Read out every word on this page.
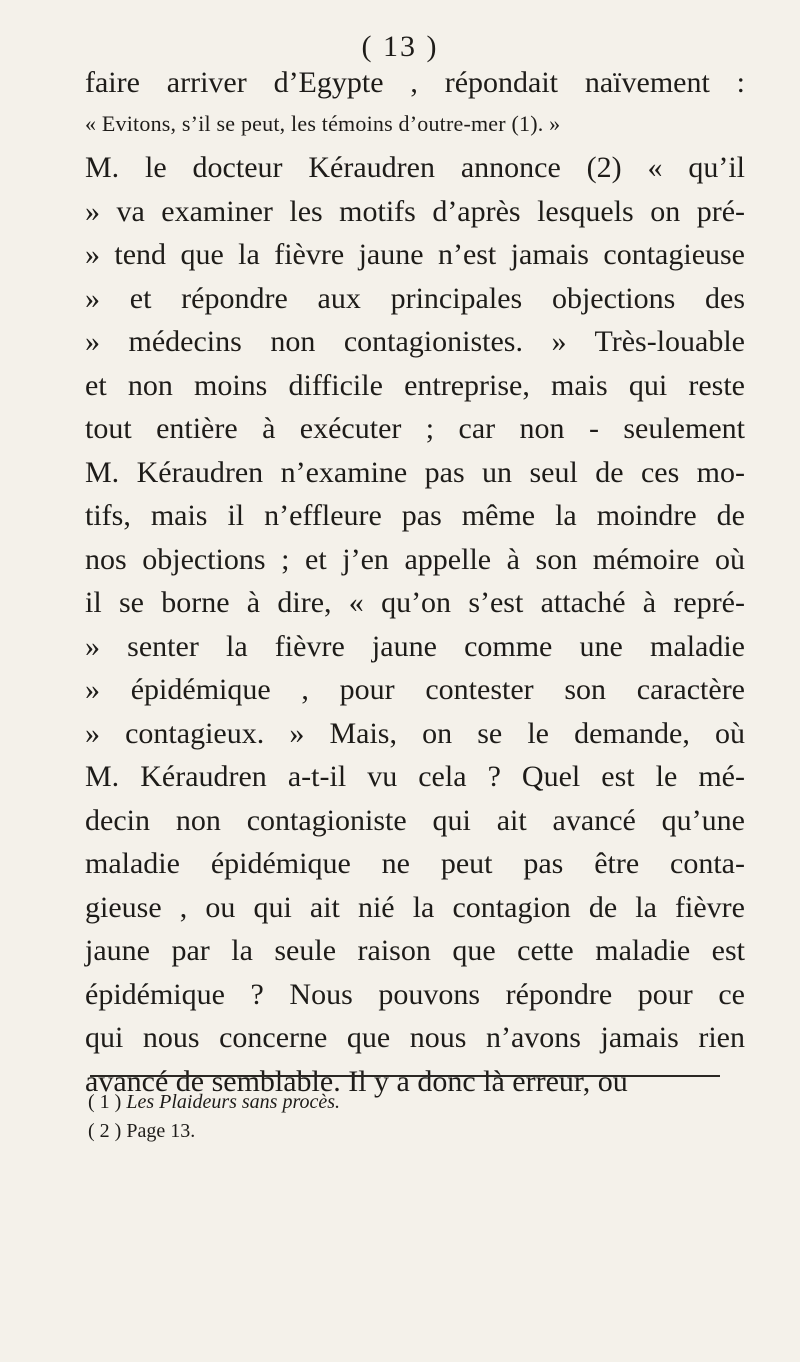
( 13 )
faire arriver d’Egypte , répondait naïvement :
« Evitons, s’il se peut, les témoins d’outre-mer (1). »
M. le docteur Kéraudren annonce (2) « qu’il
» va examiner les motifs d’après lesquels on pré-
» tend que la fièvre jaune n’est jamais contagieuse
» et répondre aux principales objections des
» médecins non contagionistes. » Très-louable
et non moins difficile entreprise, mais qui reste
tout entière à exécuter ; car non - seulement
M. Kéraudren n’examine pas un seul de ces mo-
tifs, mais il n’effleure pas même la moindre de
nos objections ; et j’en appelle à son mémoire où
il se borne à dire, « qu’on s’est attaché à repré-
» senter la fièvre jaune comme une maladie
» épidémique , pour contester son caractère
» contagieux. » Mais, on se le demande, où
M. Kéraudren a-t-il vu cela ? Quel est le mé-
decin non contagioniste qui ait avancé qu’une
maladie épidémique ne peut pas être conta-
gieuse , ou qui ait nié la contagion de la fièvre
jaune par la seule raison que cette maladie est
épidémique ? Nous pouvons répondre pour ce
qui nous concerne que nous n’avons jamais rien
avancé de semblable. Il y a donc là erreur, ou
( 1 ) Les Plaideurs sans procès.
( 2 ) Page 13.
